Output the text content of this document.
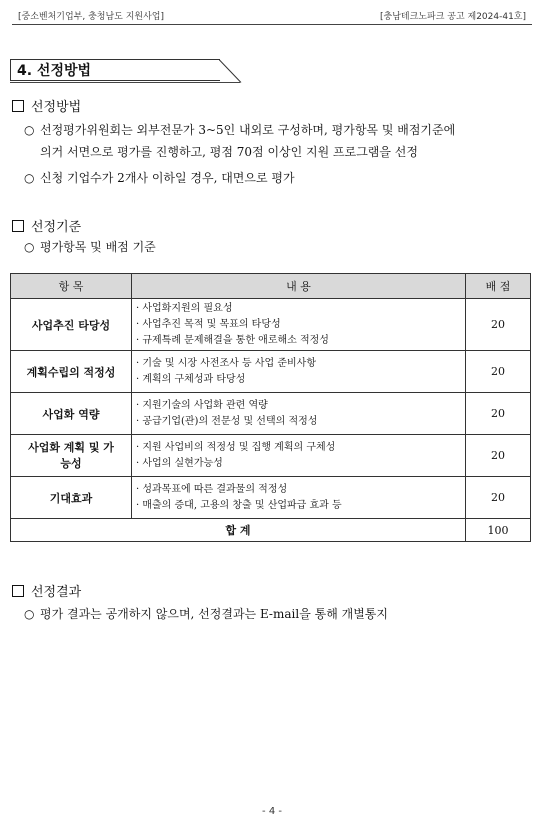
[중소벤처기업부, 충청남도 지원사업]	[충남테크노파크 공고 제2024-41호]
4. 선정방법
선정방법
○ 선정평가위원회는 외부전문가 3~5인 내외로 구성하며, 평가항목 및 배점기준에
의거 서면으로 평가를 진행하고, 평점 70점 이상인 지원 프로그램을 선정
○ 신청 기업수가 2개사 이하일 경우, 대면으로 평가
선정기준
○ 평가항목 및 배점 기준
항 목	내 용	배 점
사업추진 타당성	· 사업화지원의 필요성
· 사업추진 목적 및 목표의 타당성
· 규제특례 문제해결을 통한 애로해소 적정성	20
계획수립의 적정성	· 기술 및 시장 사전조사 등 사업 준비사항
· 계획의 구체성과 타당성	20
사업화 역량	· 지원기술의 사업화 관련 역량
· 공급기업(관)의 전문성 및 선택의 적정성	20
사업화 계획 및 가능성	· 지원 사업비의 적정성 및 집행 계획의 구체성
· 사업의 실현가능성	20
기대효과	· 성과목표에 따른 결과물의 적정성
· 매출의 증대, 고용의 창출 및 산업파급 효과 등	20
합 계		100
선정결과
○ 평가 결과는 공개하지 않으며, 선정결과는 E-mail을 통해 개별통지
- 4 -
